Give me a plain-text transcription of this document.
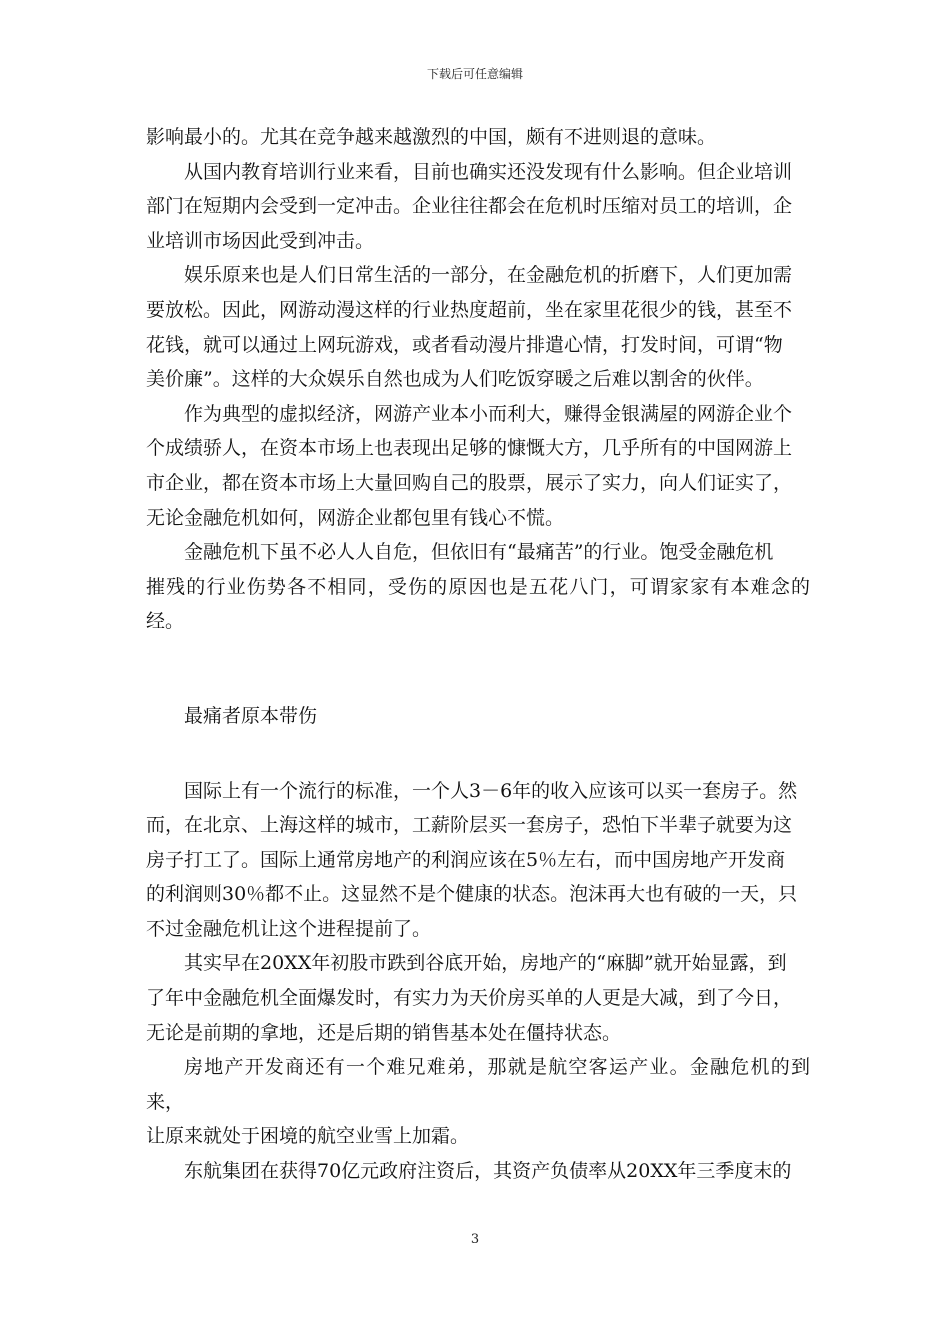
下载后可任意编辑

影响最小的。尤其在竞争越来越激烈的中国，颇有不进则退的意味。

从国内教育培训行业来看，目前也确实还没发现有什么影响。但企业培训
部门在短期内会受到一定冲击。企业往往都会在危机时压缩对员工的培训，企
业培训市场因此受到冲击。

娱乐原来也是人们日常生活的一部分，在金融危机的折磨下，人们更加需
要放松。因此，网游动漫这样的行业热度超前，坐在家里花很少的钱，甚至不
花钱，就可以通过上网玩游戏，或者看动漫片排遣心情，打发时间，可谓“物
美价廉”。这样的大众娱乐自然也成为人们吃饭穿暖之后难以割舍的伙伴。

作为典型的虚拟经济，网游产业本小而利大，赚得金银满屋的网游企业个
个成绩骄人，在资本市场上也表现出足够的慷慨大方，几乎所有的中国网游上
市企业，都在资本市场上大量回购自己的股票，展示了实力，向人们证实了，
无论金融危机如何，网游企业都包里有钱心不慌。

金融危机下虽不必人人自危，但依旧有“最痛苦”的行业。饱受金融危机
摧残的行业伤势各不相同，受伤的原因也是五花八门，可谓家家有本难念的经。

最痛者原本带伤

国际上有一个流行的标准，一个人3－6年的收入应该可以买一套房子。然
而，在北京、上海这样的城市，工薪阶层买一套房子，恐怕下半辈子就要为这
房子打工了。国际上通常房地产的利润应该在5％左右，而中国房地产开发商
的利润则30％都不止。这显然不是个健康的状态。泡沫再大也有破的一天，只
不过金融危机让这个进程提前了。

其实早在20XX年初股市跌到谷底开始，房地产的“麻脚”就开始显露，到
了年中金融危机全面爆发时，有实力为天价房买单的人更是大减，到了今日，
无论是前期的拿地，还是后期的销售基本处在僵持状态。

房地产开发商还有一个难兄难弟，那就是航空客运产业。金融危机的到来，
让原来就处于困境的航空业雪上加霜。

东航集团在获得70亿元政府注资后，其资产负债率从20XX年三季度末的

3
